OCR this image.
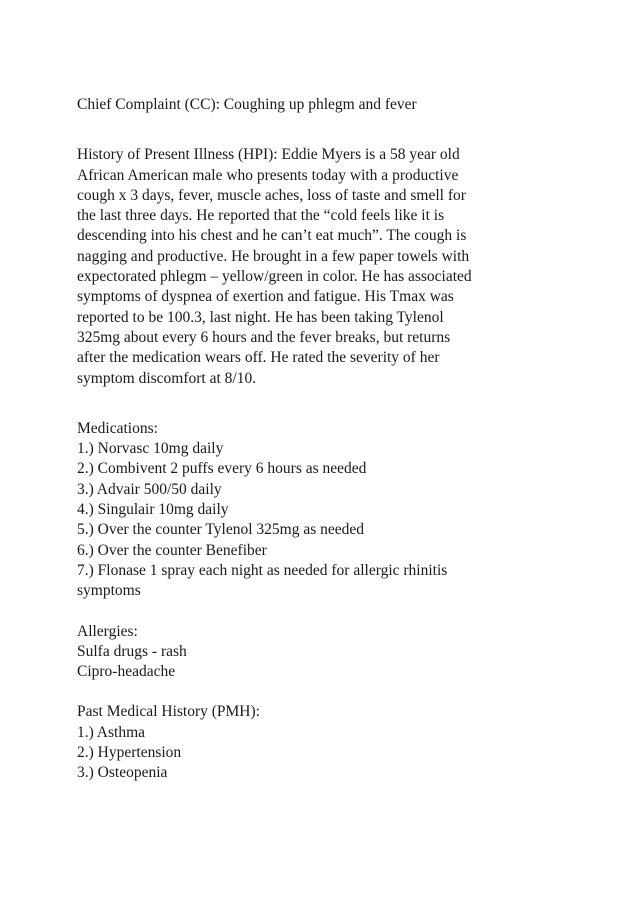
Chief Complaint (CC): Coughing up phlegm and fever
History of Present Illness (HPI): Eddie Myers is a 58 year old
African American male who presents today with a productive
cough x 3 days, fever, muscle aches, loss of taste and smell for
the last three days. He reported that the “cold feels like it is
descending into his chest and he can’t eat much”. The cough is
nagging and productive. He brought in a few paper towels with
expectorated phlegm – yellow/green in color. He has associated
symptoms of dyspnea of exertion and fatigue. His Tmax was
reported to be 100.3, last night. He has been taking Tylenol
325mg about every 6 hours and the fever breaks, but returns
after the medication wears off. He rated the severity of her
symptom discomfort at 8/10.
Medications:
1.) Norvasc 10mg daily
2.) Combivent 2 puffs every 6 hours as needed
3.) Advair 500/50 daily
4.) Singulair 10mg daily
5.) Over the counter Tylenol 325mg as needed
6.) Over the counter Benefiber
7.) Flonase 1 spray each night as needed for allergic rhinitis
symptoms
Allergies:
Sulfa drugs - rash
Cipro-headache
Past Medical History (PMH):
1.) Asthma
2.) Hypertension
3.) Osteopenia
